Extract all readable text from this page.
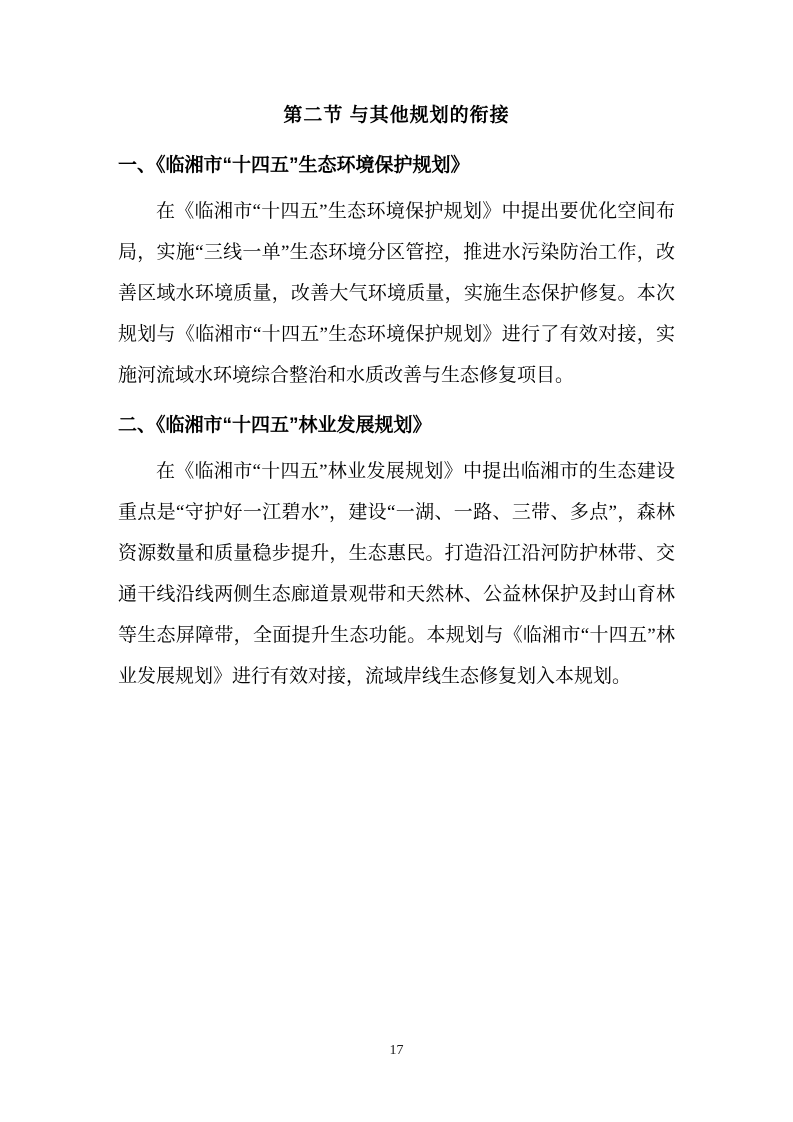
第二节 与其他规划的衔接
一、《临湘市“十四五”生态环境保护规划》

在《临湘市“十四五”生态环境保护规划》中提出要优化空间布局，实施“三线一单”生态环境分区管控，推进水污染防治工作，改善区域水环境质量，改善大气环境质量，实施生态保护修复。本次规划与《临湘市“十四五”生态环境保护规划》进行了有效对接，实施河流域水环境综合整治和水质改善与生态修复项目。

二、《临湘市“十四五”林业发展规划》

在《临湘市“十四五”林业发展规划》中提出临湘市的生态建设重点是“守护好一江碧水”，建设“一湖、一路、三带、多点”，森林资源数量和质量稳步提升，生态惠民。打造沿江沿河防护林带、交通干线沿线两侧生态廊道景观带和天然林、公益林保护及封山育林等生态屏障带，全面提升生态功能。本规划与《临湘市“十四五”林业发展规划》进行有效对接，流域岸线生态修复划入本规划。

17
